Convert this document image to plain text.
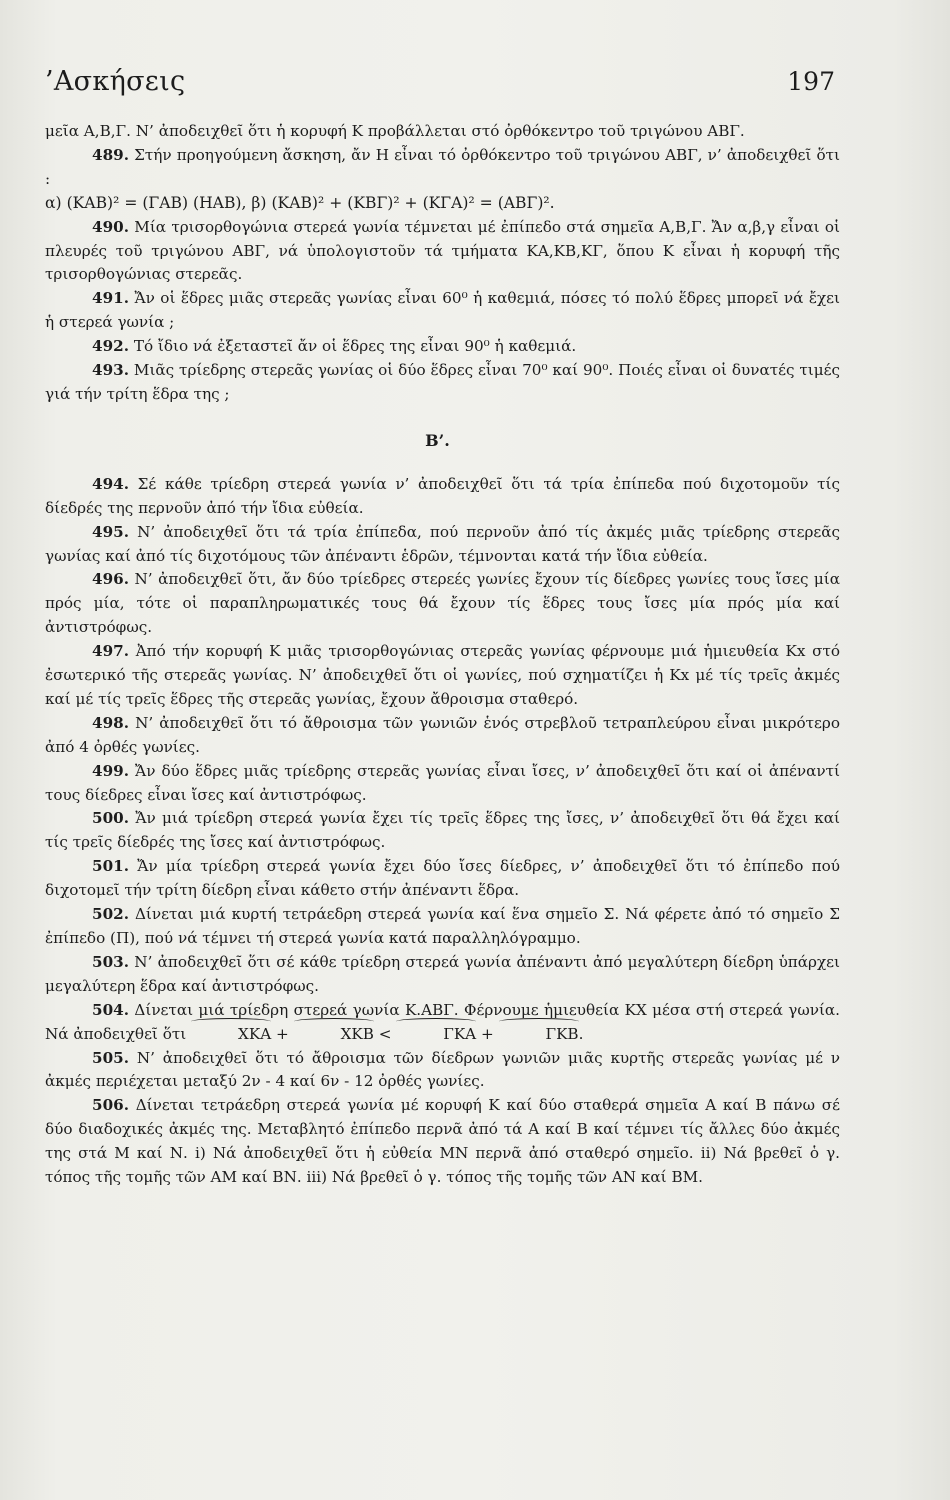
’Ασκήσεις	197

μεῖα Α,Β,Γ. Ν’ ἀποδειχθεῖ ὅτι ἡ κορυφή Κ προβάλλεται στό ὀρθόκεντρο τοῦ τριγώνου ΑΒΓ.

489. Στήν προηγούμενη ἄσκηση, ἄν Η εἶναι τό ὀρθόκεντρο τοῦ τριγώνου ΑΒΓ, ν’ ἀποδειχθεῖ ὅτι :

α) (ΚΑΒ)² = (ΓΑΒ) (ΗΑΒ), β) (ΚΑΒ)² + (ΚΒΓ)² + (ΚΓΑ)² = (ΑΒΓ)².

490. Μία τρισορθογώνια στερεά γωνία τέμνεται μέ ἐπίπεδο στά σημεῖα Α,Β,Γ. Ἄν α,β,γ εἶναι οἱ πλευρές τοῦ τριγώνου ΑΒΓ, νά ὑπολογιστοῦν τά τμήματα ΚΑ,ΚΒ,ΚΓ, ὅπου Κ εἶναι ἡ κορυφή τῆς τρισορθογώνιας στερεᾶς.

491. Ἄν οἱ ἕδρες μιᾶς στερεᾶς γωνίας εἶναι 60⁰ ἡ καθεμιά, πόσες τό πολύ ἕδρες μπορεῖ νά ἔχει ἡ στερεά γωνία ;

492. Τό ἴδιο νά ἐξεταστεῖ ἄν οἱ ἕδρες της εἶναι 90⁰ ἡ καθεμιά.

493. Μιᾶς τρίεδρης στερεᾶς γωνίας οἱ δύο ἕδρες εἶναι 70⁰ καί 90⁰. Ποιές εἶναι οἱ δυνατές τιμές γιά τήν τρίτη ἕδρα της ;

Β’.

494. Σέ κάθε τρίεδρη στερεά γωνία ν’ ἀποδειχθεῖ ὅτι τά τρία ἐπίπεδα πού διχοτομοῦν τίς δίεδρές της περνοῦν ἀπό τήν ἴδια εὐθεία.

495. Ν’ ἀποδειχθεῖ ὅτι τά τρία ἐπίπεδα, πού περνοῦν ἀπό τίς ἀκμές μιᾶς τρίεδρης στερεᾶς γωνίας καί ἀπό τίς διχοτόμους τῶν ἀπέναντι ἑδρῶν, τέμνονται κατά τήν ἴδια εὐθεία.

496. Ν’ ἀποδειχθεῖ ὅτι, ἄν δύο τρίεδρες στερεές γωνίες ἔχουν τίς δίεδρες γωνίες τους ἴσες μία πρός μία, τότε οἱ παραπληρωματικές τους θά ἔχουν τίς ἕδρες τους ἴσες μία πρός μία καί ἀντιστρόφως.

497. Ἀπό τήν κορυφή Κ μιᾶς τρισορθογώνιας στερεᾶς γωνίας φέρνουμε μιά ἡμιευθεία Κx στό ἐσωτερικό τῆς στερεᾶς γωνίας. Ν’ ἀποδειχθεῖ ὅτι οἱ γωνίες, πού σχηματίζει ἡ Κx μέ τίς τρεῖς ἀκμές καί μέ τίς τρεῖς ἕδρες τῆς στερεᾶς γωνίας, ἔχουν ἄθροισμα σταθερό.

498. Ν’ ἀποδειχθεῖ ὅτι τό ἄθροισμα τῶν γωνιῶν ἑνός στρεβλοῦ τετραπλεύρου εἶναι μικρότερο ἀπό 4 ὀρθές γωνίες.

499. Ἄν δύο ἕδρες μιᾶς τρίεδρης στερεᾶς γωνίας εἶναι ἴσες, ν’ ἀποδειχθεῖ ὅτι καί οἱ ἀπέναντί τους δίεδρες εἶναι ἴσες καί ἀντιστρόφως.

500. Ἄν μιά τρίεδρη στερεά γωνία ἔχει τίς τρεῖς ἕδρες της ἴσες, ν’ ἀποδειχθεῖ ὅτι θά ἔχει καί τίς τρεῖς δίεδρές της ἴσες καί ἀντιστρόφως.

501. Ἄν μία τρίεδρη στερεά γωνία ἔχει δύο ἴσες δίεδρες, ν’ ἀποδειχθεῖ ὅτι τό ἐπίπεδο πού διχοτομεῖ τήν τρίτη δίεδρη εἶναι κάθετο στήν ἀπέναντι ἕδρα.

502. Δίνεται μιά κυρτή τετράεδρη στερεά γωνία καί ἕνα σημεῖο Σ. Νά φέρετε ἀπό τό σημεῖο Σ ἐπίπεδο (Π), πού νά τέμνει τή στερεά γωνία κατά παραλληλόγραμμο.

503. Ν’ ἀποδειχθεῖ ὅτι σέ κάθε τρίεδρη στερεά γωνία ἀπέναντι ἀπό μεγαλύτερη δίεδρη ὑπάρχει μεγαλύτερη ἕδρα καί ἀντιστρόφως.

504. Δίνεται μιά τρίεδρη στερεά γωνία Κ.ΑΒΓ. Φέρνουμε ἡμιευθεία ΚΧ μέσα στή στερεά γωνία. Νά ἀποδειχθεῖ ὅτι	ΧΚΑ +	ΧΚΒ <	ΓΚΑ +	ΓΚΒ.

505. Ν’ ἀποδειχθεῖ ὅτι τό ἄθροισμα τῶν δίεδρων γωνιῶν μιᾶς κυρτῆς στερεᾶς γωνίας μέ ν ἀκμές περιέχεται μεταξύ 2ν - 4 καί 6ν - 12 ὀρθές γωνίες.

506. Δίνεται τετράεδρη στερεά γωνία μέ κορυφή Κ καί δύο σταθερά σημεῖα Α καί Β πάνω σέ δύο διαδοχικές ἀκμές της. Μεταβλητό ἐπίπεδο περνᾶ ἀπό τά Α καί Β καί τέμνει τίς ἄλλες δύο ἀκμές της στά Μ καί Ν. i) Νά ἀποδειχθεῖ ὅτι ἡ εὐθεία ΜΝ περνᾶ ἀπό σταθερό σημεῖο. ii) Νά βρεθεῖ ὁ γ. τόπος τῆς τομῆς τῶν ΑΜ καί ΒΝ. iii) Νά βρεθεῖ ὁ γ. τόπος τῆς τομῆς τῶν ΑΝ καί ΒΜ.
